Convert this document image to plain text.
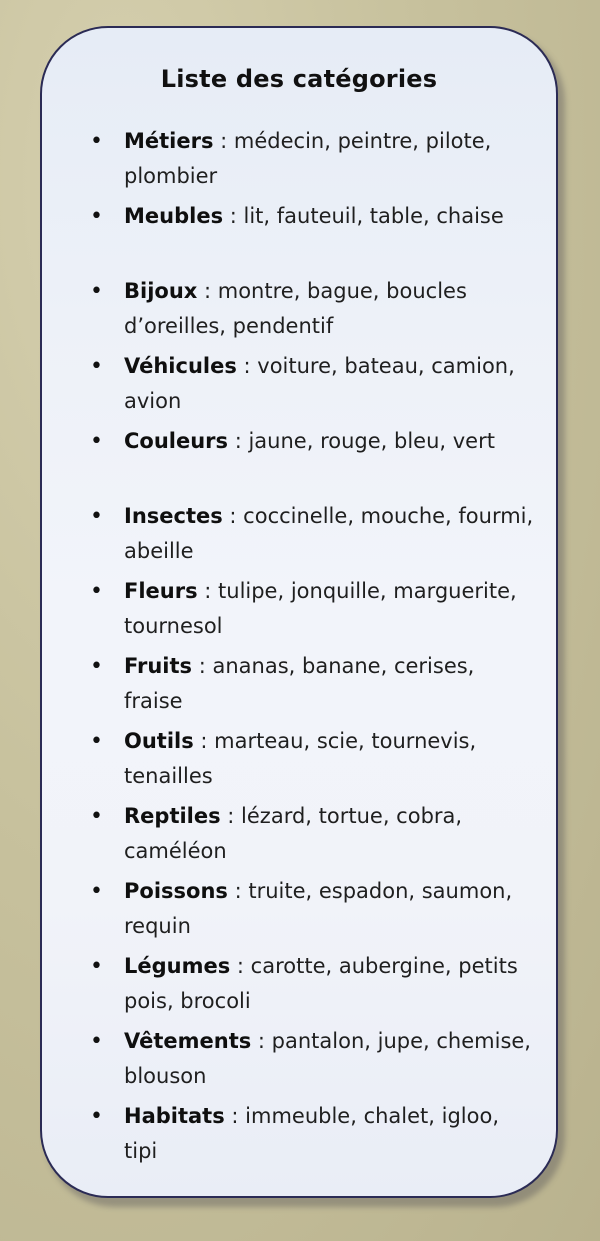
Liste des catégories
• Métiers : médecin, peintre, pilote, plombier
• Meubles : lit, fauteuil, table, chaise
• Bijoux : montre, bague, boucles d’oreilles, pendentif
• Véhicules : voiture, bateau, camion, avion
• Couleurs : jaune, rouge, bleu, vert
• Insectes : coccinelle, mouche, fourmi, abeille
• Fleurs : tulipe, jonquille, marguerite, tournesol
• Fruits : ananas, banane, cerises, fraise
• Outils : marteau, scie, tournevis, tenailles
• Reptiles : lézard, tortue, cobra, caméléon
• Poissons : truite, espadon, saumon, requin
• Légumes : carotte, aubergine, petits pois, brocoli
• Vêtements : pantalon, jupe, chemise, blouson
• Habitats : immeuble, chalet, igloo, tipi
